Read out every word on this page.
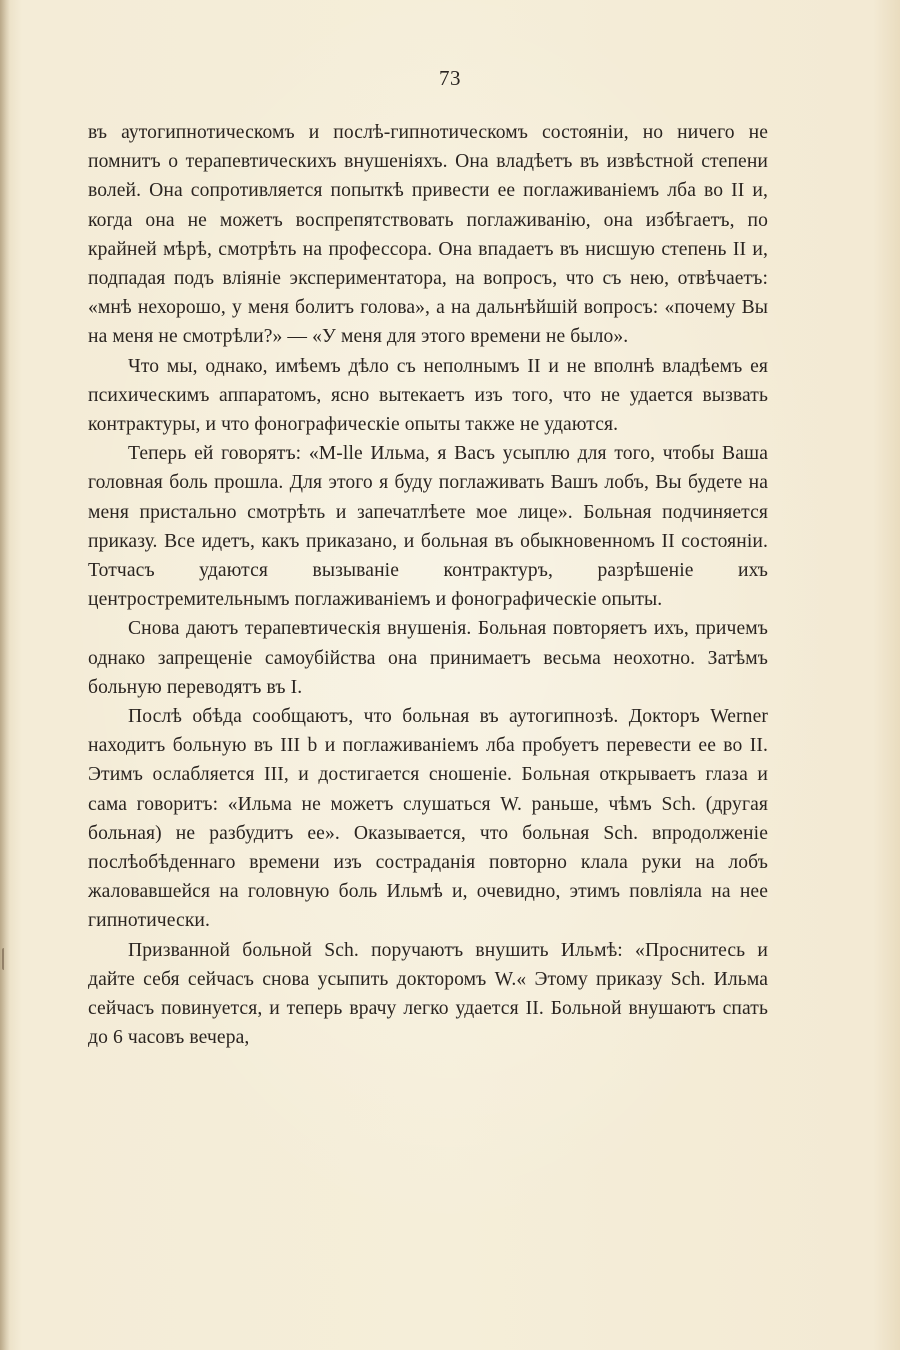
73

въ аутогипнотическомъ и послѣ-гипнотическомъ состоянiи, но ничего не помнитъ о терапевтическихъ внушенiяхъ. Она владѣетъ въ извѣстной степени волей. Она сопротивляется попыткѣ привести ее поглаживанiемъ лба во II и, когда она не можетъ воспрепятствовать поглаживанiю, она избѣгаетъ, по крайней мѣрѣ, смотрѣть на профессора. Она впадаетъ въ нисшую степень II и, подпадая подъ влiянiе экспериментатора, на вопросъ, что съ нею, отвѣчаетъ: «мнѣ нехорошо, у меня болитъ голова», а на дальнѣйшiй вопросъ: «почему Вы на меня не смотрѣли?» — «У меня для этого времени не было».

Что мы, однако, имѣемъ дѣло съ неполнымъ II и не вполнѣ владѣемъ ея психическимъ аппаратомъ, ясно вытекаетъ изъ того, что не удается вызвать контрактуры, и что фонографическiе опыты также не удаются.

Теперь ей говорятъ: «M-lle Ильма, я Васъ усыплю для того, чтобы Ваша головная боль прошла. Для этого я буду поглаживать Вашъ лобъ, Вы будете на меня пристально смотрѣть и запечатлѣете мое лице». Больная подчиняется приказу. Все идетъ, какъ приказано, и больная въ обыкновенномъ II состоянiи. Тотчасъ удаются вызыванiе контрактуръ, разрѣшенiе ихъ центростремительнымъ поглаживанiемъ и фонографическiе опыты.

Снова даютъ терапевтическiя внушенiя. Больная повторяетъ ихъ, причемъ однако запрещенiе самоубiйства она принимаетъ весьма неохотно. Затѣмъ больную переводятъ въ I.

Послѣ обѣда сообщаютъ, что больная въ аутогипнозѣ. Докторъ Werner находитъ больную въ III b и поглаживанiемъ лба пробуетъ перевести ее во II. Этимъ ослабляется III, и достигается сношенiе. Больная открываетъ глаза и сама говоритъ: «Ильма не можетъ слушаться W. раньше, чѣмъ Sch. (другая больная) не разбудитъ ее». Оказывается, что больная Sch. впродолженiе послѣобѣденнаго времени изъ состраданiя повторно клала руки на лобъ жаловавшейся на головную боль Ильмѣ и, очевидно, этимъ повлiяла на нее гипнотически.

Призванной больной Sch. поручаютъ внушить Ильмѣ: «Проснитесь и дайте себя сейчасъ снова усыпить докторомъ W.« Этому приказу Sch. Ильма сейчасъ повинуется, и теперь врачу легко удается II. Больной внушаютъ спать до 6 часовъ вечера,
